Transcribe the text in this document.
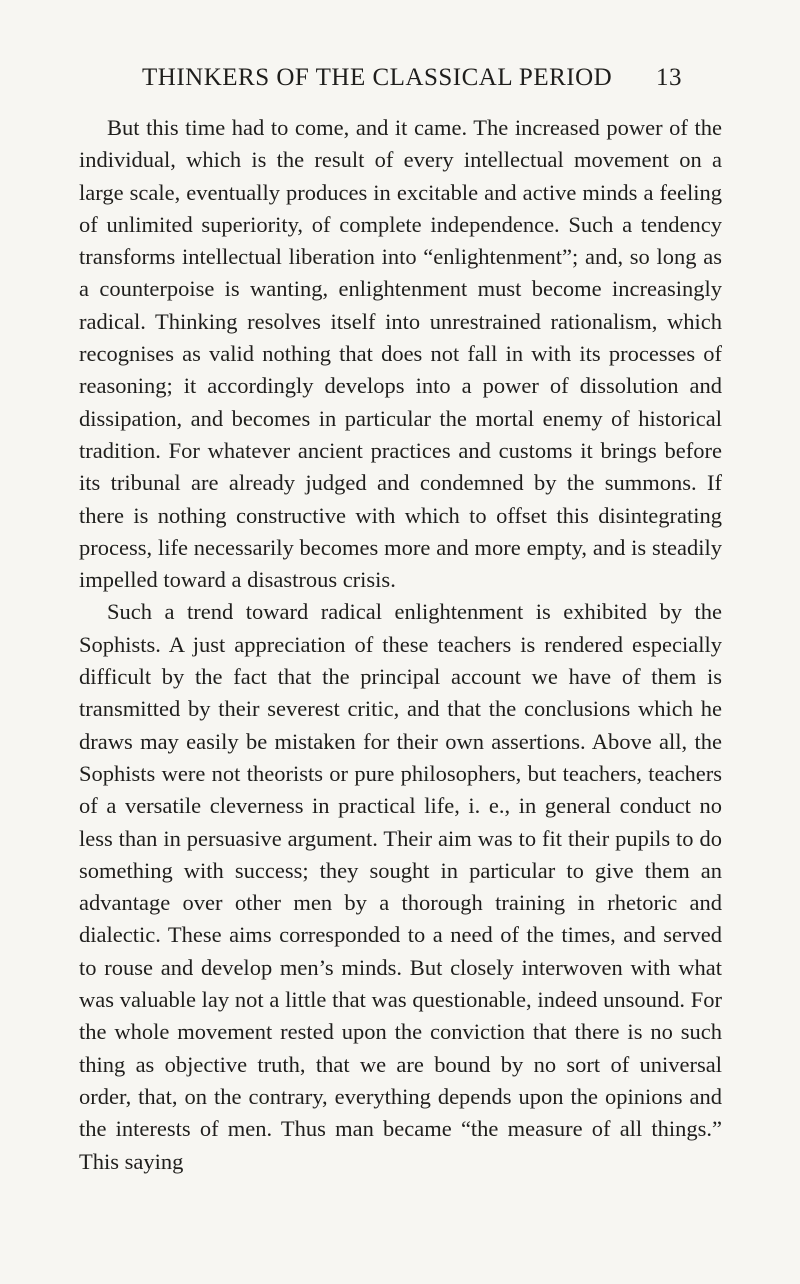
THINKERS OF THE CLASSICAL PERIOD 13

But this time had to come, and it came. The increased power of the individual, which is the result of every intellectual movement on a large scale, eventually produces in excitable and active minds a feeling of unlimited superiority, of complete independence. Such a tendency transforms intellectual liberation into “enlightenment”; and, so long as a counterpoise is wanting, enlightenment must become increasingly radical. Thinking resolves itself into unrestrained rationalism, which recognises as valid nothing that does not fall in with its processes of reasoning; it accordingly develops into a power of dissolution and dissipation, and becomes in particular the mortal enemy of historical tradition. For whatever ancient practices and customs it brings before its tribunal are already judged and condemned by the summons. If there is nothing constructive with which to offset this disintegrating process, life necessarily becomes more and more empty, and is steadily impelled toward a disastrous crisis.

Such a trend toward radical enlightenment is exhibited by the Sophists. A just appreciation of these teachers is rendered especially difficult by the fact that the principal account we have of them is transmitted by their severest critic, and that the conclusions which he draws may easily be mistaken for their own assertions. Above all, the Sophists were not theorists or pure philosophers, but teachers, teachers of a versatile cleverness in practical life, i. e., in general conduct no less than in persuasive argument. Their aim was to fit their pupils to do something with success; they sought in particular to give them an advantage over other men by a thorough training in rhetoric and dialectic. These aims corresponded to a need of the times, and served to rouse and develop men’s minds. But closely interwoven with what was valuable lay not a little that was questionable, indeed unsound. For the whole movement rested upon the conviction that there is no such thing as objective truth, that we are bound by no sort of universal order, that, on the contrary, everything depends upon the opinions and the interests of men. Thus man became “the measure of all things.” This saying
